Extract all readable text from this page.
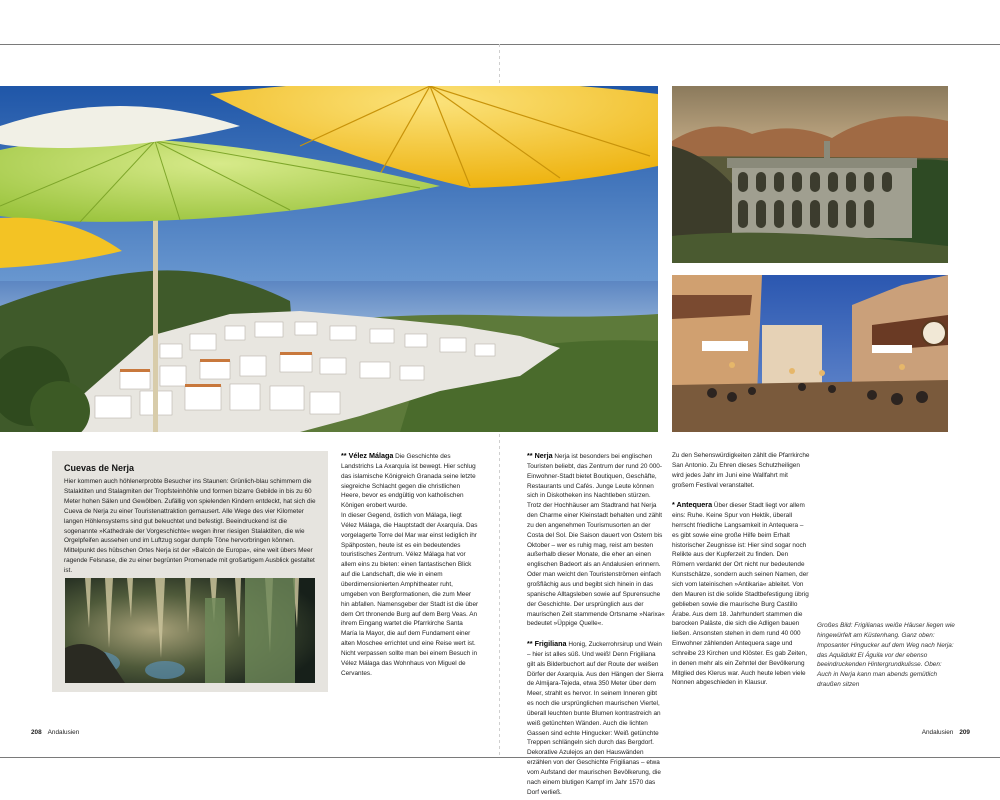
Cuevas de Nerja

Hier kommen auch höhlenerprobte Besucher ins Staunen: Grünlich-blau schimmern die Stalaktiten und Stalagmiten der Tropfsteinhöhle und formen bizarre Gebilde in bis zu 60 Meter hohen Sälen und Gewölben. Zufällig von spielenden Kindern entdeckt, hat sich die Cueva de Nerja zu einer Touristenattraktion gemausert. Alle Wege des vier Kilometer langen Höhlensystems sind gut beleuchtet und befestigt. Beeindruckend ist die sogenannte »Kathedrale der Vorgeschichte« wegen ihrer riesigen Stalaktiten, die wie Orgelpfeifen aussehen und im Luftzug sogar dumpfe Töne hervorbringen können. Mittelpunkt des hübschen Ortes Nerja ist der »Balcón de Europa«, eine weit übers Meer ragende Felsnase, die zu einer begrünten Promenade mit großartigem Ausblick gestaltet ist.

** Vélez Málaga Die Geschichte des Landstrichs La Axarquía ist bewegt. Hier schlug das islamische Königreich Granada seine letzte siegreiche Schlacht gegen die christlichen Heere, bevor es endgültig von katholischen Königen erobert wurde.

In dieser Gegend, östlich von Málaga, liegt Vélez Málaga, die Hauptstadt der Axarquía. Das vorgelagerte Torre del Mar war einst lediglich ihr Spähposten, heute ist es ein bedeutendes touristisches Zentrum. Vélez Málaga hat vor allem eins zu bieten: einen fantastischen Blick auf die Landschaft, die wie in einem überdimensionierten Amphitheater ruht, umgeben von Bergformationen, die zum Meer hin abfallen. Namensgeber der Stadt ist die über dem Ort thronende Burg auf dem Berg Veas. An ihrem Eingang wartet die Pfarrkirche Santa María la Mayor, die auf dem Fundament einer alten Moschee errichtet und eine Reise wert ist. Nicht verpassen sollte man bei einem Besuch in Vélez Málaga das Wohnhaus von Miguel de Cervantes.

** Nerja Nerja ist besonders bei englischen Touristen beliebt, das Zentrum der rund 20 000-Einwohner-Stadt bietet Boutiquen, Geschäfte, Restaurants und Cafés. Junge Leute können sich in Diskotheken ins Nachtleben stürzen. Trotz der Hochhäuser am Stadtrand hat Nerja den Charme einer Kleinstadt behalten und zählt zu den angenehmen Tourismusorten an der Costa del Sol. Die Saison dauert von Ostern bis Oktober – wer es ruhig mag, reist am besten außerhalb dieser Monate, die eher an einen englischen Badeort als an Andalusien erinnern.

Oder man weicht den Touristenströmen einfach großflächig aus und begibt sich hinein in das spanische Alltagsleben sowie auf Spurensuche der Geschichte. Der ursprünglich aus der maurischen Zeit stammende Ortsname »Narixa« bedeutet »Üppige Quelle«.

** Frigiliana Honig, Zuckerrohrsirup und Wein – hier ist alles süß. Und weiß! Denn Frigiliana gilt als Bilderbuchort auf der Route der weißen Dörfer der Axarquía. Aus den Hängen der Sierra de Almijara-Tejeda, etwa 350 Meter über dem Meer, strahlt es hervor. In seinem Inneren gibt es noch die ursprünglichen maurischen Viertel, überall leuchten bunte Blumen kontrastreich an weiß getünchten Wänden. Auch die lichten Gassen sind echte Hingucker: Weiß getünchte Treppen schlängeln sich durch das Bergdorf. Dekorative Azulejos an den Hauswänden erzählen von der Geschichte Frigilianas – etwa vom Aufstand der maurischen Bevölkerung, die nach einem blutigen Kampf im Jahr 1570 das Dorf verließ.

Zu den Sehenswürdigkeiten zählt die Pfarrkirche San Antonio. Zu Ehren dieses Schutzheiligen wird jedes Jahr im Juni eine Wallfahrt mit großem Festival veranstaltet.

* Antequera Über dieser Stadt liegt vor allem eins: Ruhe. Keine Spur von Hektik, überall herrscht friedliche Langsamkeit in Antequera – es gibt sowie eine große Hilfe beim Erhalt historischer Zeugnisse ist: Hier sind sogar noch Relikte aus der Kupferzeit zu finden. Den Römern verdankt der Ort nicht nur bedeutende Kunstschätze, sondern auch seinen Namen, der sich vom lateinischen »Antikaria« ableitet. Von den Mauren ist die solide Stadtbefestigung übrig geblieben sowie die maurische Burg Castillo Árabe. Aus dem 18. Jahrhundert stammen die barocken Paläste, die sich die Adligen bauen ließen. Ansonsten stehen in dem rund 40 000 Einwohner zählenden Antequera sage und schreibe 23 Kirchen und Klöster. Es gab Zeiten, in denen mehr als ein Zehntel der Bevölkerung Mitglied des Klerus war. Auch heute leben viele Nonnen abgeschieden in Klausur.

Großes Bild: Frigilianas weiße Häuser liegen wie hingewürfelt am Küstenhang. Ganz oben: Imposanter Hingucker auf dem Weg nach Nerja: das Aquädukt El Águila vor der ebenso beeindruckenden Hintergrundkulisse. Oben: Auch in Nerja kann man abends gemütlich draußen sitzen

208 Andalusien	Andalusien 209
